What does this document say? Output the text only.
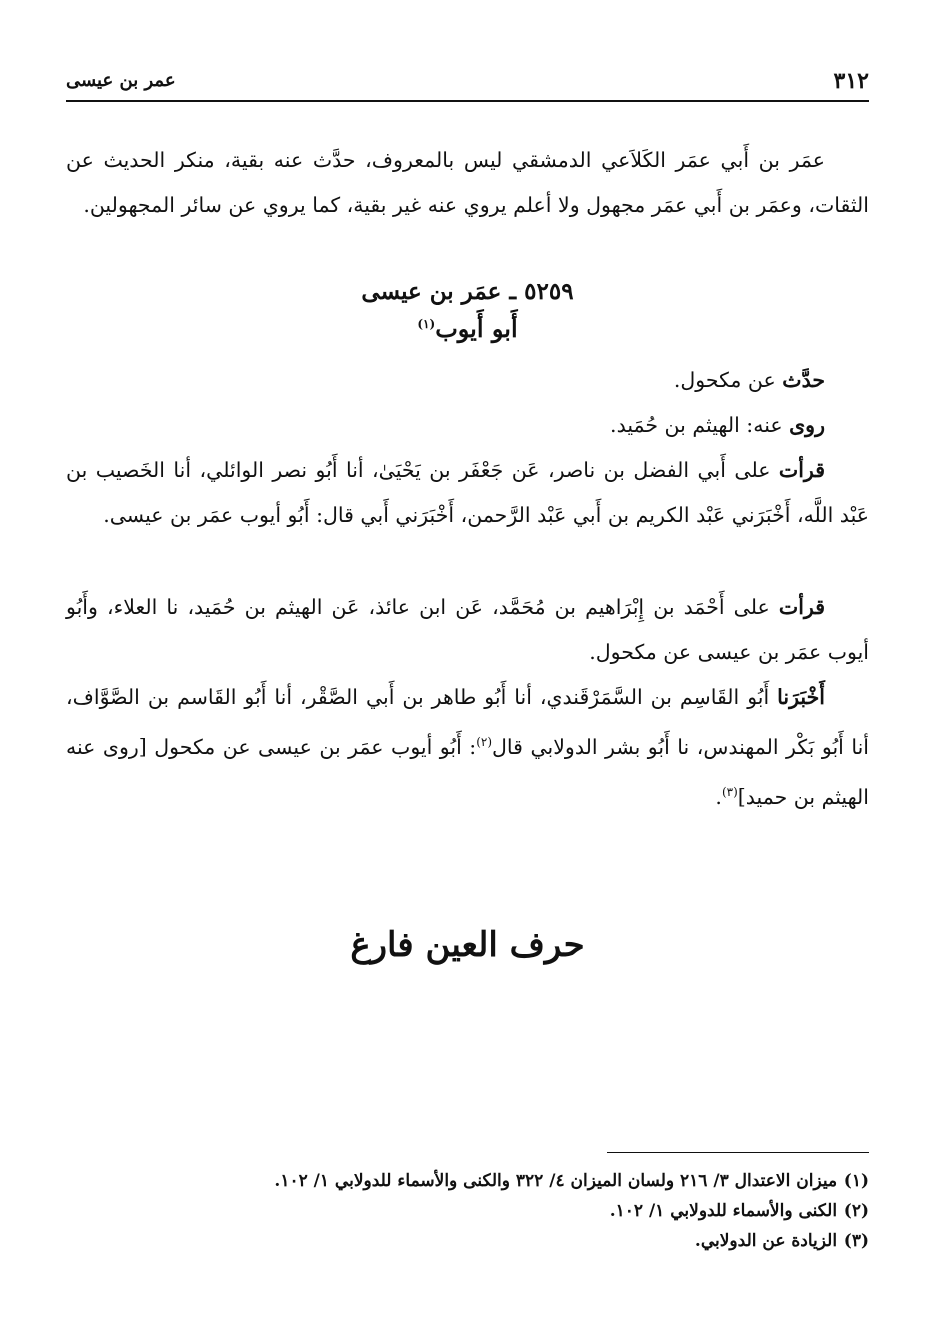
٣١٢
عمر بن عيسى

عمَر بن أَبي عمَر الكَلاَعي الدمشقي ليس بالمعروف، حدَّث عنه بقية، منكر الحديث عن الثقات، وعمَر بن أَبي عمَر مجهول ولا أعلم يروي عنه غير بقية، كما يروي عن سائر المجهولين.

٥٢٥٩ ـ عمَر بن عيسى
أَبو أَيوب$^{(١)}$

حدَّث عن مكحول.

روى عنه: الهيثم بن حُمَيد.

قرأت على أَبي الفضل بن ناصر، عَن جَعْفَر بن يَحْيَىٰ، أنا أَبُو نصر الوائلي، أنا الخَصيب بن عَبْد اللَّه، أَخْبَرَني عَبْد الكريم بن أَبي عَبْد الرَّحمن، أَخْبَرَني أَبي قال: أَبُو أيوب عمَر بن عيسى.

قرأت على أَحْمَد بن إِبْرَاهيم بن مُحَمَّد، عَن ابن عائذ، عَن الهيثم بن حُمَيد، نا العلاء، وأَبُو أيوب عمَر بن عيسى عن مكحول.

أَخْبَرَنا أَبُو القَاسِم بن السَّمَرْقَندي، أنا أَبُو طاهر بن أَبي الصَّقْر، أنا أَبُو القَاسم بن الصَّوَّاف، أنا أَبُو بَكْر المهندس، نا أَبُو بشر الدولابي قال$^{(٢)}$: أَبُو أيوب عمَر بن عيسى عن مكحول [روى عنه الهيثم بن حميد]$^{(٣)}$.

حرف العين فارغ

(١) ميزان الاعتدال ٣/ ٢١٦ ولسان الميزان ٤/ ٣٢٢ والكنى والأسماء للدولابي ١/ ١٠٢.

(٢) الكنى والأسماء للدولابي ١/ ١٠٢.

(٣) الزيادة عن الدولابي.
